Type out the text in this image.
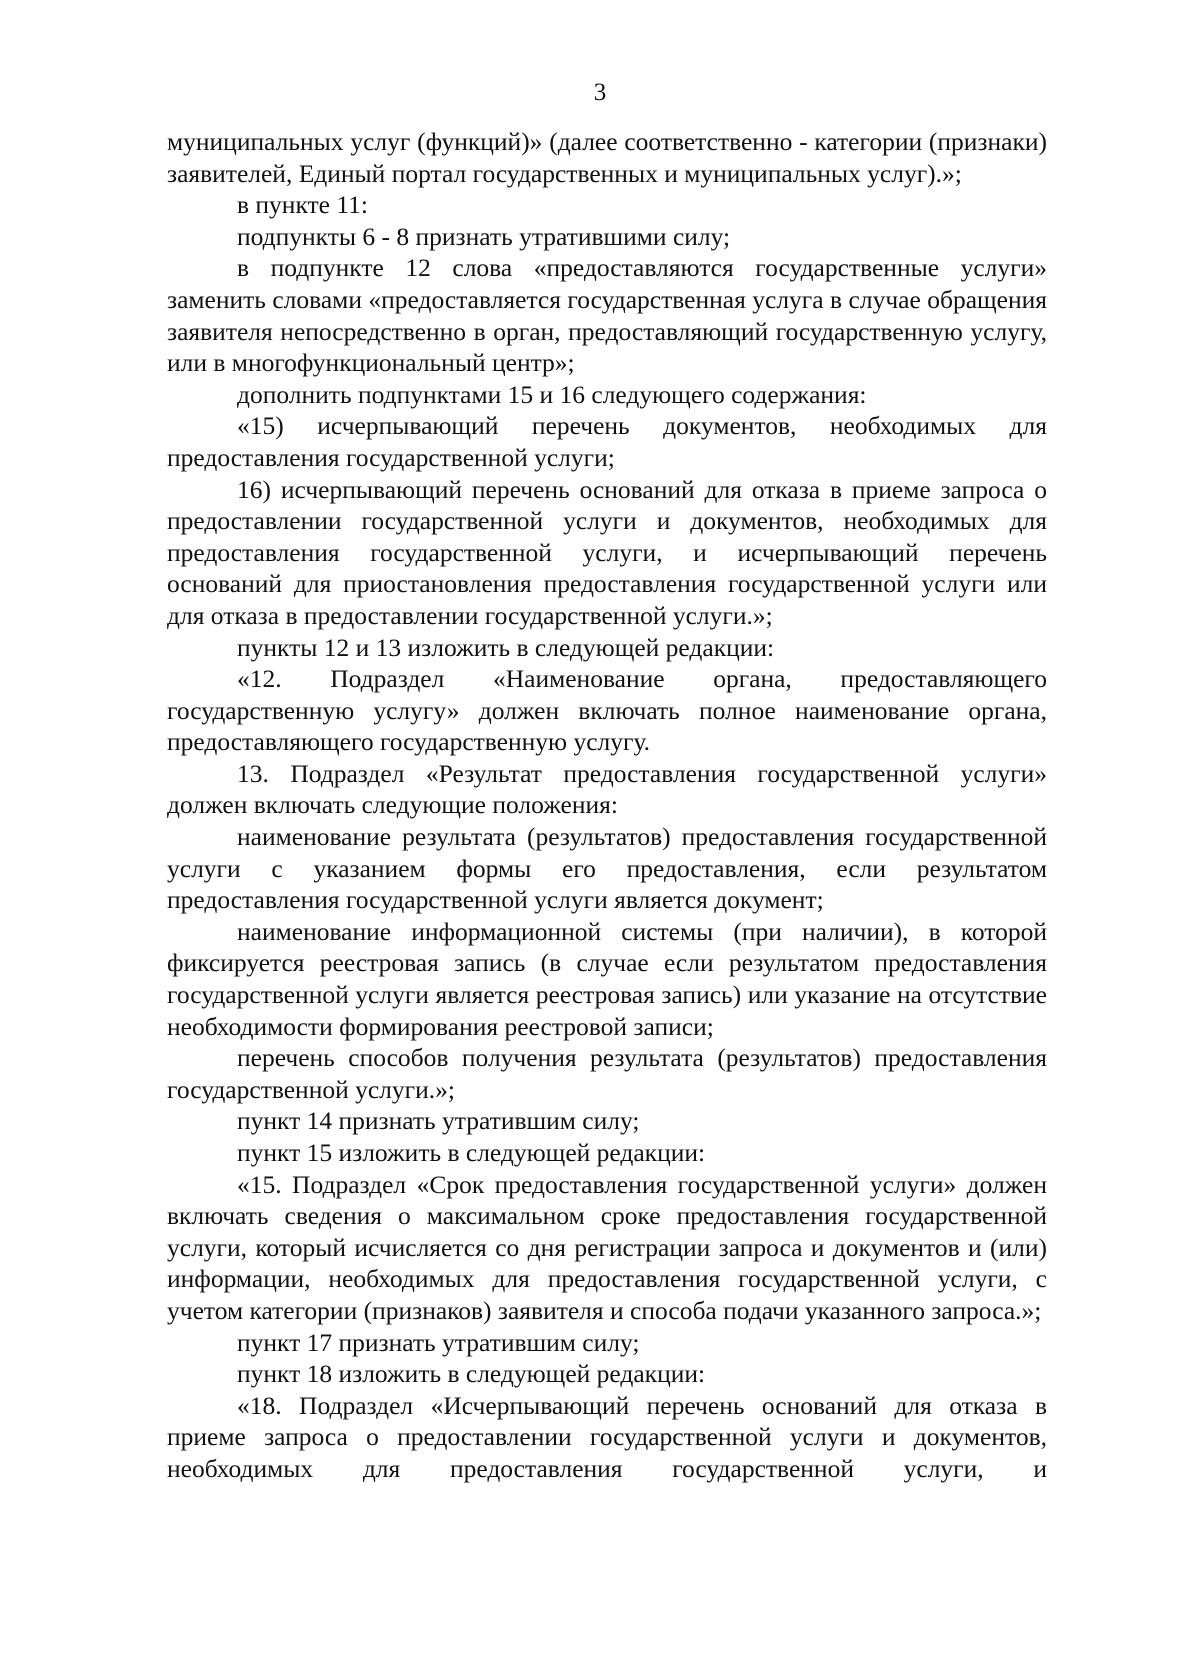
3

муниципальных услуг (функций)» (далее соответственно - категории (признаки) заявителей, Единый портал государственных и муниципальных услуг).»;

в пункте 11:

подпункты 6 - 8 признать утратившими силу;

в подпункте 12 слова «предоставляются государственные услуги» заменить словами «предоставляется государственная услуга в случае обращения заявителя непосредственно в орган, предоставляющий государственную услугу, или в многофункциональный центр»;

дополнить подпунктами 15 и 16 следующего содержания:

«15) исчерпывающий перечень документов, необходимых для предоставления государственной услуги;

16) исчерпывающий перечень оснований для отказа в приеме запроса о предоставлении государственной услуги и документов, необходимых для предоставления государственной услуги, и исчерпывающий перечень оснований для приостановления предоставления государственной услуги или для отказа в предоставлении государственной услуги.»;

пункты 12 и 13 изложить в следующей редакции:

«12. Подраздел «Наименование органа, предоставляющего государственную услугу» должен включать полное наименование органа, предоставляющего государственную услугу.

13. Подраздел «Результат предоставления государственной услуги» должен включать следующие положения:

наименование результата (результатов) предоставления государственной услуги с указанием формы его предоставления, если результатом предоставления государственной услуги является документ;

наименование информационной системы (при наличии), в которой фиксируется реестровая запись (в случае если результатом предоставления государственной услуги является реестровая запись) или указание на отсутствие необходимости формирования реестровой записи;

перечень способов получения результата (результатов) предоставления государственной услуги.»;

пункт 14 признать утратившим силу;

пункт 15 изложить в следующей редакции:

«15. Подраздел «Срок предоставления государственной услуги» должен включать сведения о максимальном сроке предоставления государственной услуги, который исчисляется со дня регистрации запроса и документов и (или) информации, необходимых для предоставления государственной услуги, с учетом категории (признаков) заявителя и способа подачи указанного запроса.»;

пункт 17 признать утратившим силу;

пункт 18 изложить в следующей редакции:

«18. Подраздел «Исчерпывающий перечень оснований для отказа в приеме запроса о предоставлении государственной услуги и документов, необходимых для предоставления государственной услуги, и
